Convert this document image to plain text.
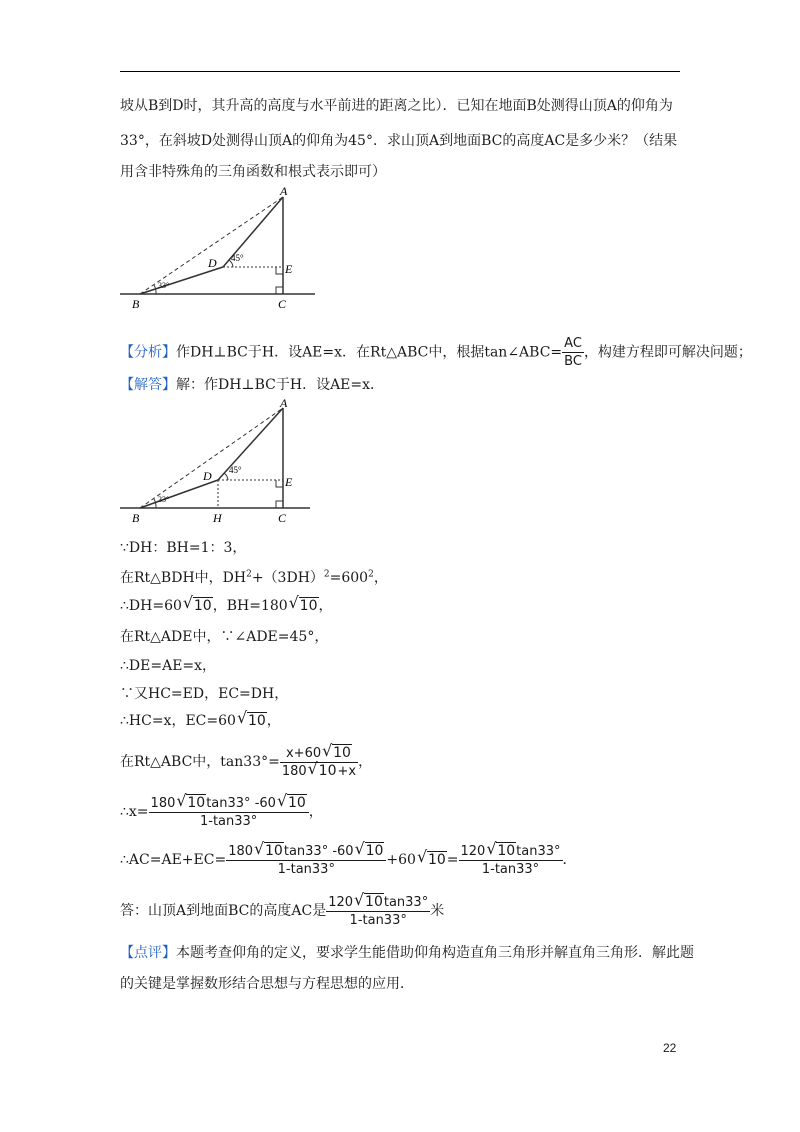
坡从B到D时，其升高的高度与水平前进的距离之比）．已知在地面B处测得山顶A的仰角为
33°，在斜坡D处测得山顶A的仰角为45°．求山顶A到地面BC的高度AC是多少米？（结果
用含非特殊角的三角函数和根式表示即可）
A
B	C
D	E
45°
33°
【分析】作DH⊥BC于H．设AE=x．在Rt△ABC中，根据tan∠ABC= $\frac{AC}{BC}$ ，构建方程即可解决问题；
【解答】解：作DH⊥BC于H．设AE=x．
A
B	H	C
D	E
45°
33°
∵DH：BH=1：3，
在Rt△BDH中，$DH^2+(3DH)^2=600^2$，
∴DH=60√ 10，BH=180√ 10，
在Rt△ADE中，∵∠ADE=45°，
∴DE=AE=x，
∵又HC=ED，EC=DH，
∴HC=x，EC=60√ 10，
在Rt△ABC中，$\tan 33^\circ= \frac{x+60√ 10}{180√ 10+x}$ ，
∴x= $\frac{180√ 10\tan 33^\circ -60√ 10}{1-\tan 33^\circ}$ ，
∴AC=AE+EC= $\frac{180√ 10\tan 33^\circ -60√ 10}{1-\tan 33^\circ} +60√$ $10= \frac{120√ 10\tan 33^\circ}{1-\tan 33^\circ}$ ．
答：山顶A到地面BC的高度AC是 $\frac{120√ 10\tan 33^\circ}{1-\tan 33^\circ}$ 米
【点评】本题考查仰角的定义，要求学生能借助仰角构造直角三角形并解直角三角形．解此题
的关键是掌握数形结合思想与方程思想的应用．
22
